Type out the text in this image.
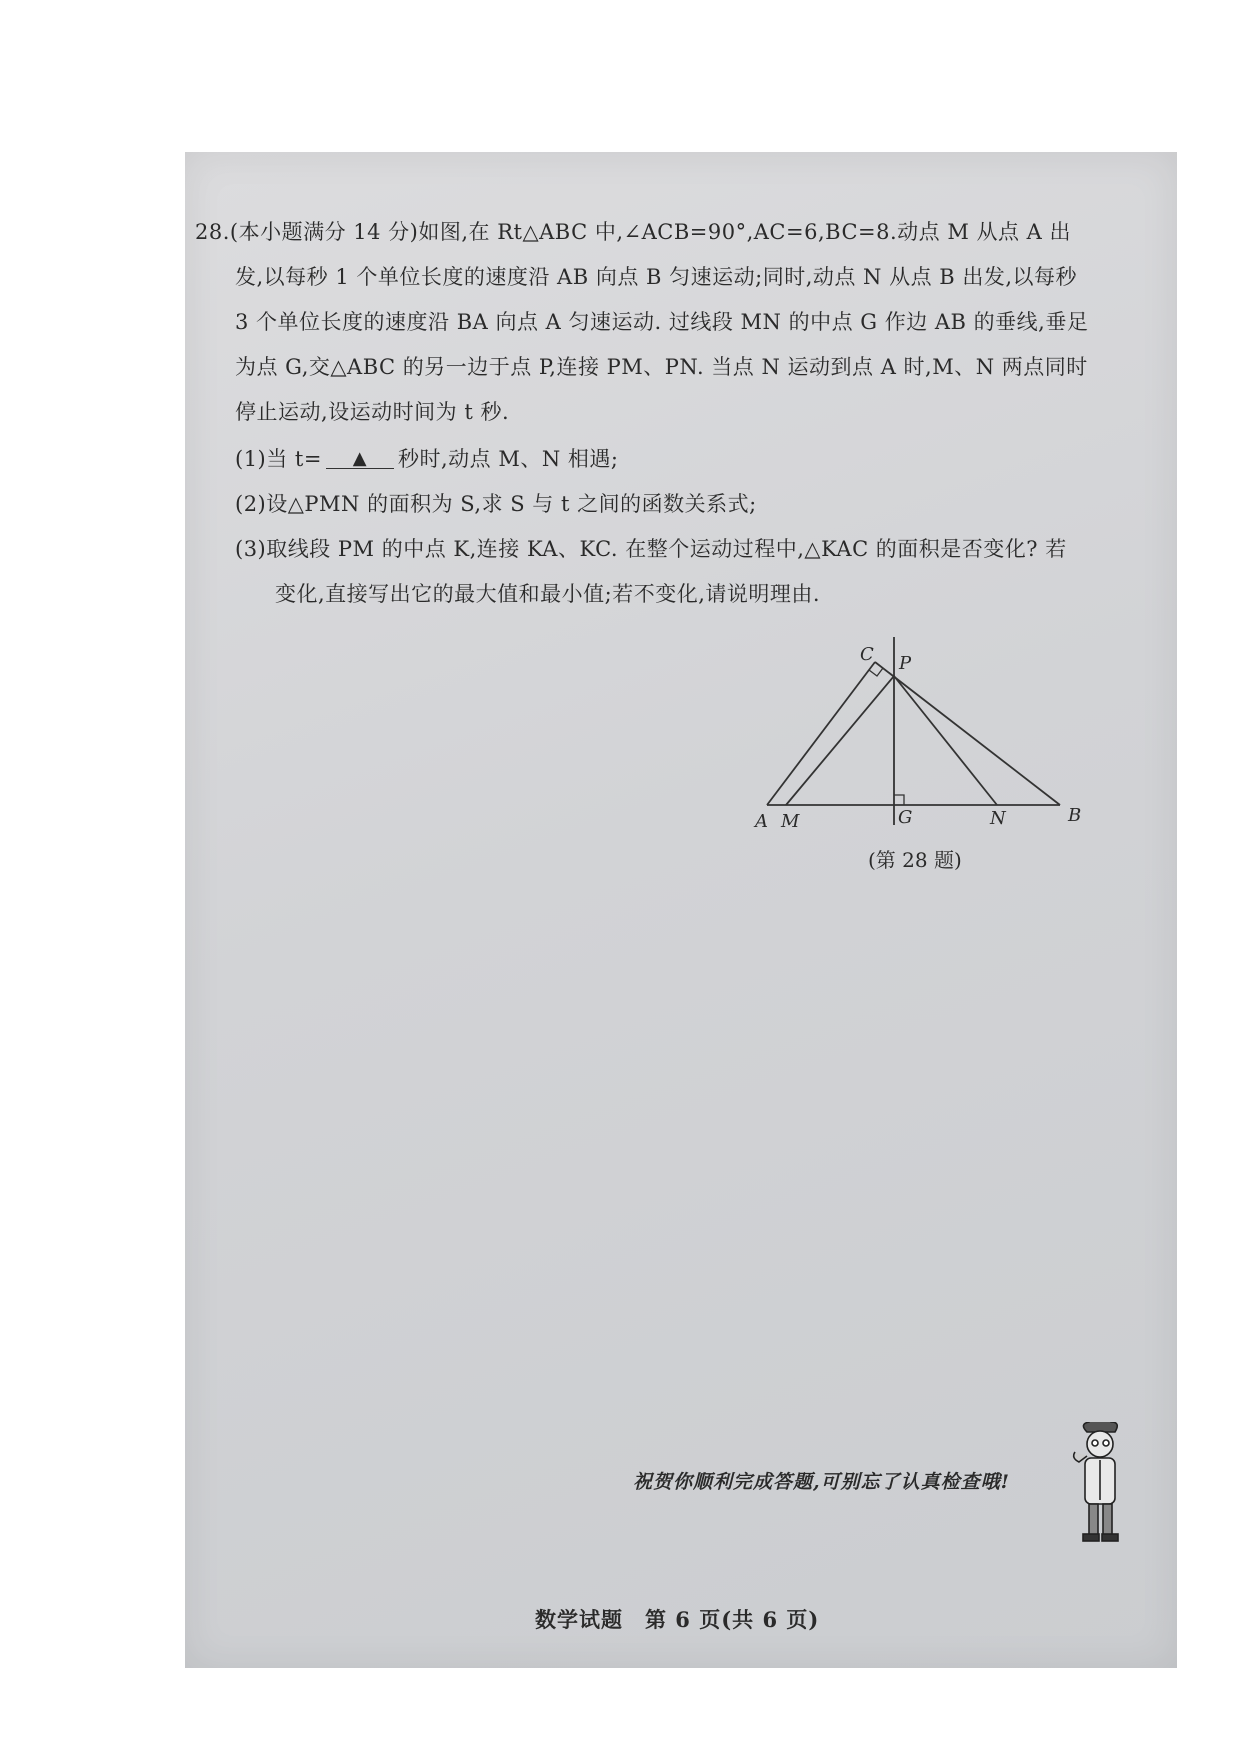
28.(本小题满分 14 分)如图,在 Rt△ABC 中,∠ACB=90°,AC=6,BC=8.动点 M 从点 A 出
发,以每秒 1 个单位长度的速度沿 AB 向点 B 匀速运动;同时,动点 N 从点 B 出发,以每秒
3 个单位长度的速度沿 BA 向点 A 匀速运动. 过线段 MN 的中点 G 作边 AB 的垂线,垂足
为点 G,交△ABC 的另一边于点 P,连接 PM、PN. 当点 N 运动到点 A 时,M、N 两点同时
停止运动,设运动时间为 t 秒.
(1)当 t= ▲ 秒时,动点 M、N 相遇;
(2)设△PMN 的面积为 S,求 S 与 t 之间的函数关系式;
(3)取线段 PM 的中点 K,连接 KA、KC. 在整个运动过程中,△KAC 的面积是否变化? 若
变化,直接写出它的最大值和最小值;若不变化,请说明理由.
A M	G	N	B
C P
(第 28 题)
祝贺你顺利完成答题,可别忘了认真检查哦!
数学试题 第 6 页(共 6 页)
